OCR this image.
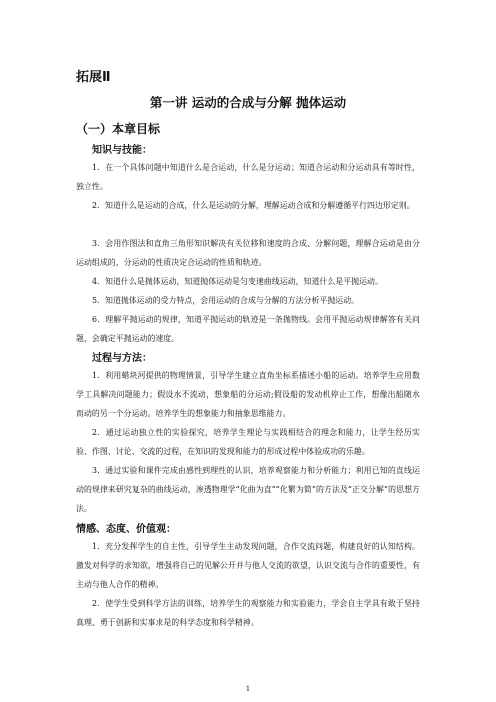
拓展Ⅱ
第一讲 运动的合成与分解 抛体运动
（一）本章目标
知识与技能：
1．在一个具体问题中知道什么是合运动，什么是分运动；知道合运动和分运动具有等时性，独立性。
2．知道什么是运动的合成，什么是运动的分解，理解运动合成和分解遵循平行四边形定则。
3．会用作图法和直角三角形知识解决有关位移和速度的合成、分解问题，理解合运动是由分运动组成的，分运动的性质决定合运动的性质和轨迹。
4．知道什么是抛体运动，知道抛体运动是匀变速曲线运动，知道什么是平抛运动。
5．知道抛体运动的受力特点，会用运动的合成与分解的方法分析平抛运动。
6．理解平抛运动的规律，知道平抛运动的轨迹是一条抛物线。会用平抛运动规律解答有关问题，会确定平抛运动的速度。
过程与方法：
1．利用蜡块河提供的物理情景，引导学生建立直角坐标系描述小船的运动。培养学生应用数学工具解决问题能力；假设水不流动，想象船的分运动;假设船的发动机停止工作，想像出船随水而动的另一个分运动。培养学生的想象能力和抽象思维能力。
2．通过运动独立性的实验探究，培养学生理论与实践相结合的理念和能力，让学生经历实验、作图、讨论、交流的过程，在知识的发现和能力的形成过程中体验成功的乐趣。
3．通过实验和课件完成由感性到理性的认识，培养观察能力和分析能力；利用已知的直线运动的规律来研究复杂的曲线运动，渗透物理学“化曲为直”“化繁为简”的方法及“正交分解”的思想方法。
情感、态度、价值观：
1．充分发挥学生的自主性，引导学生主动发现问题，合作交流问题，构建良好的认知结构。激发对科学的求知欲，增强将自己的见解公开并与他人交流的欲望，认识交流与合作的重要性，有主动与他人合作的精神。
2．使学生受到科学方法的训练，培养学生的观察能力和实验能力，学会自主学具有敢于坚持真理、勇于创新和实事求是的科学态度和科学精神。
1
